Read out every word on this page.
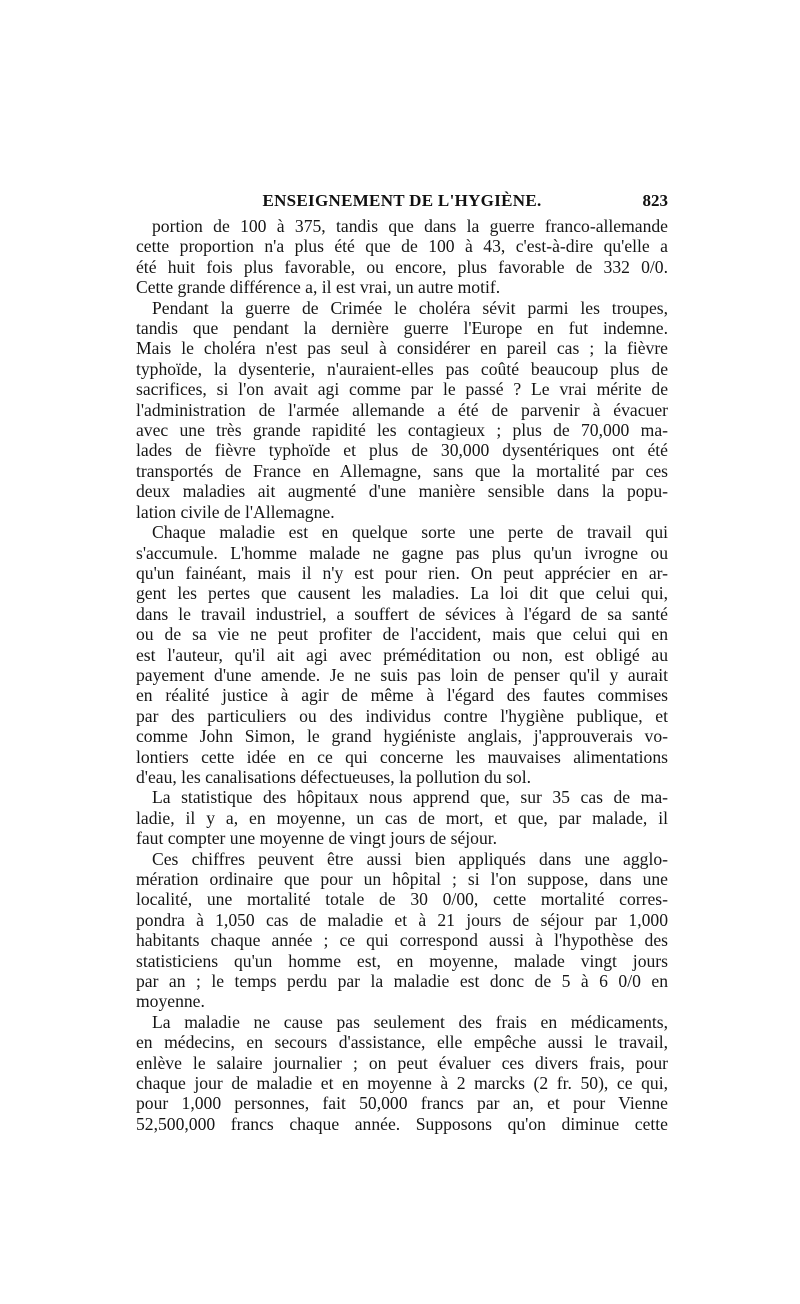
ENSEIGNEMENT DE L'HYGIÈNE.	823
portion de 100 à 375, tandis que dans la guerre franco-allemande
cette proportion n'a plus été que de 100 à 43, c'est-à-dire qu'elle a
été huit fois plus favorable, ou encore, plus favorable de 332 0/0.
Cette grande différence a, il est vrai, un autre motif.
Pendant la guerre de Crimée le choléra sévit parmi les troupes,
tandis que pendant la dernière guerre l'Europe en fut indemne.
Mais le choléra n'est pas seul à considérer en pareil cas ; la fièvre
typhoïde, la dysenterie, n'auraient-elles pas coûté beaucoup plus de
sacrifices, si l'on avait agi comme par le passé ? Le vrai mérite de
l'administration de l'armée allemande a été de parvenir à évacuer
avec une très grande rapidité les contagieux ; plus de 70,000 ma-
lades de fièvre typhoïde et plus de 30,000 dysentériques ont été
transportés de France en Allemagne, sans que la mortalité par ces
deux maladies ait augmenté d'une manière sensible dans la popu-
lation civile de l'Allemagne.
Chaque maladie est en quelque sorte une perte de travail qui
s'accumule. L'homme malade ne gagne pas plus qu'un ivrogne ou
qu'un fainéant, mais il n'y est pour rien. On peut apprécier en ar-
gent les pertes que causent les maladies. La loi dit que celui qui,
dans le travail industriel, a souffert de sévices à l'égard de sa santé
ou de sa vie ne peut profiter de l'accident, mais que celui qui en
est l'auteur, qu'il ait agi avec préméditation ou non, est obligé au
payement d'une amende. Je ne suis pas loin de penser qu'il y aurait
en réalité justice à agir de même à l'égard des fautes commises
par des particuliers ou des individus contre l'hygiène publique, et
comme John Simon, le grand hygiéniste anglais, j'approuverais vo-
lontiers cette idée en ce qui concerne les mauvaises alimentations
d'eau, les canalisations défectueuses, la pollution du sol.
La statistique des hôpitaux nous apprend que, sur 35 cas de ma-
ladie, il y a, en moyenne, un cas de mort, et que, par malade, il
faut compter une moyenne de vingt jours de séjour.
Ces chiffres peuvent être aussi bien appliqués dans une agglo-
mération ordinaire que pour un hôpital ; si l'on suppose, dans une
localité, une mortalité totale de 30 0/00, cette mortalité corres-
pondra à 1,050 cas de maladie et à 21 jours de séjour par 1,000
habitants chaque année ; ce qui correspond aussi à l'hypothèse des
statisticiens qu'un homme est, en moyenne, malade vingt jours
par an ; le temps perdu par la maladie est donc de 5 à 6 0/0 en
moyenne.
La maladie ne cause pas seulement des frais en médicaments,
en médecins, en secours d'assistance, elle empêche aussi le travail,
enlève le salaire journalier ; on peut évaluer ces divers frais, pour
chaque jour de maladie et en moyenne à 2 marcks (2 fr. 50), ce qui,
pour 1,000 personnes, fait 50,000 francs par an, et pour Vienne
52,500,000 francs chaque année. Supposons qu'on diminue cette
